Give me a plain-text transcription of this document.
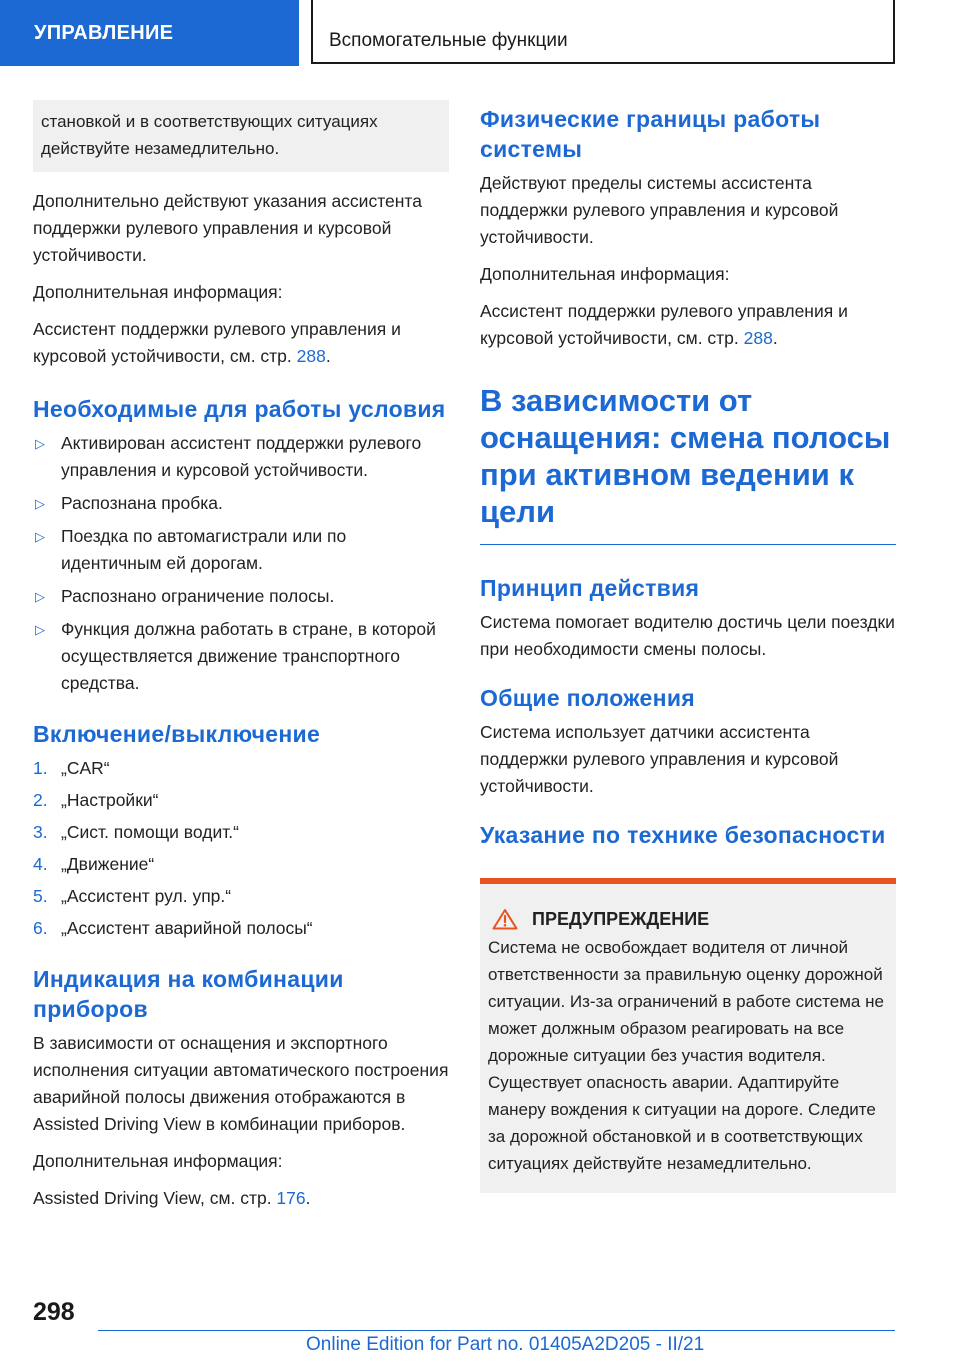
УПРАВЛЕНИЕ	Вспомогательные функции
становкой и в соответствующих ситуациях действуйте незамедлительно.

Дополнительно действуют указания ассистента поддержки рулевого управления и курсовой устойчивости.

Дополнительная информация:

Ассистент поддержки рулевого управления и курсовой устойчивости, см. стр. 288.

Необходимые для работы условия
▷ Активирован ассистент поддержки рулевого управления и курсовой устойчивости.
▷ Распознана пробка.
▷ Поездка по автомагистрали или по идентичным ей дорогам.
▷ Распознано ограничение полосы.
▷ Функция должна работать в стране, в которой осуществляется движение транспортного средства.
Включение/выключение
1. „CAR“
2. „Настройки“
3. „Сист. помощи водит.“
4. „Движение“
5. „Ассистент рул. упр.“
6. „Ассистент аварийной полосы“
Индикация на комбинации приборов

В зависимости от оснащения и экспортного исполнения ситуации автоматического построения аварийной полосы движения отображаются в Assisted Driving View в комбинации приборов.

Дополнительная информация:

Assisted Driving View, см. стр. 176.

Физические границы работы системы

Действуют пределы системы ассистента поддержки рулевого управления и курсовой устойчивости.

Дополнительная информация:

Ассистент поддержки рулевого управления и курсовой устойчивости, см. стр. 288.

В зависимости от оснащения: смена полосы при активном ведении к цели
Принцип действия

Система помогает водителю достичь цели поездки при необходимости смены полосы.

Общие положения

Система использует датчики ассистента поддержки рулевого управления и курсовой устойчивости.

Указание по технике безопасности
ПРЕДУПРЕЖДЕНИЕ

Система не освобождает водителя от личной ответственности за правильную оценку дорожной ситуации. Из-за ограничений в работе система не может должным образом реагировать на все дорожные ситуации без участия водителя. Существует опасность аварии. Адаптируйте манеру вождения к ситуации на дороге. Следите за дорожной обстановкой и в соответствующих ситуациях действуйте незамедлительно.

298
Online Edition for Part no. 01405A2D205 - II/21
